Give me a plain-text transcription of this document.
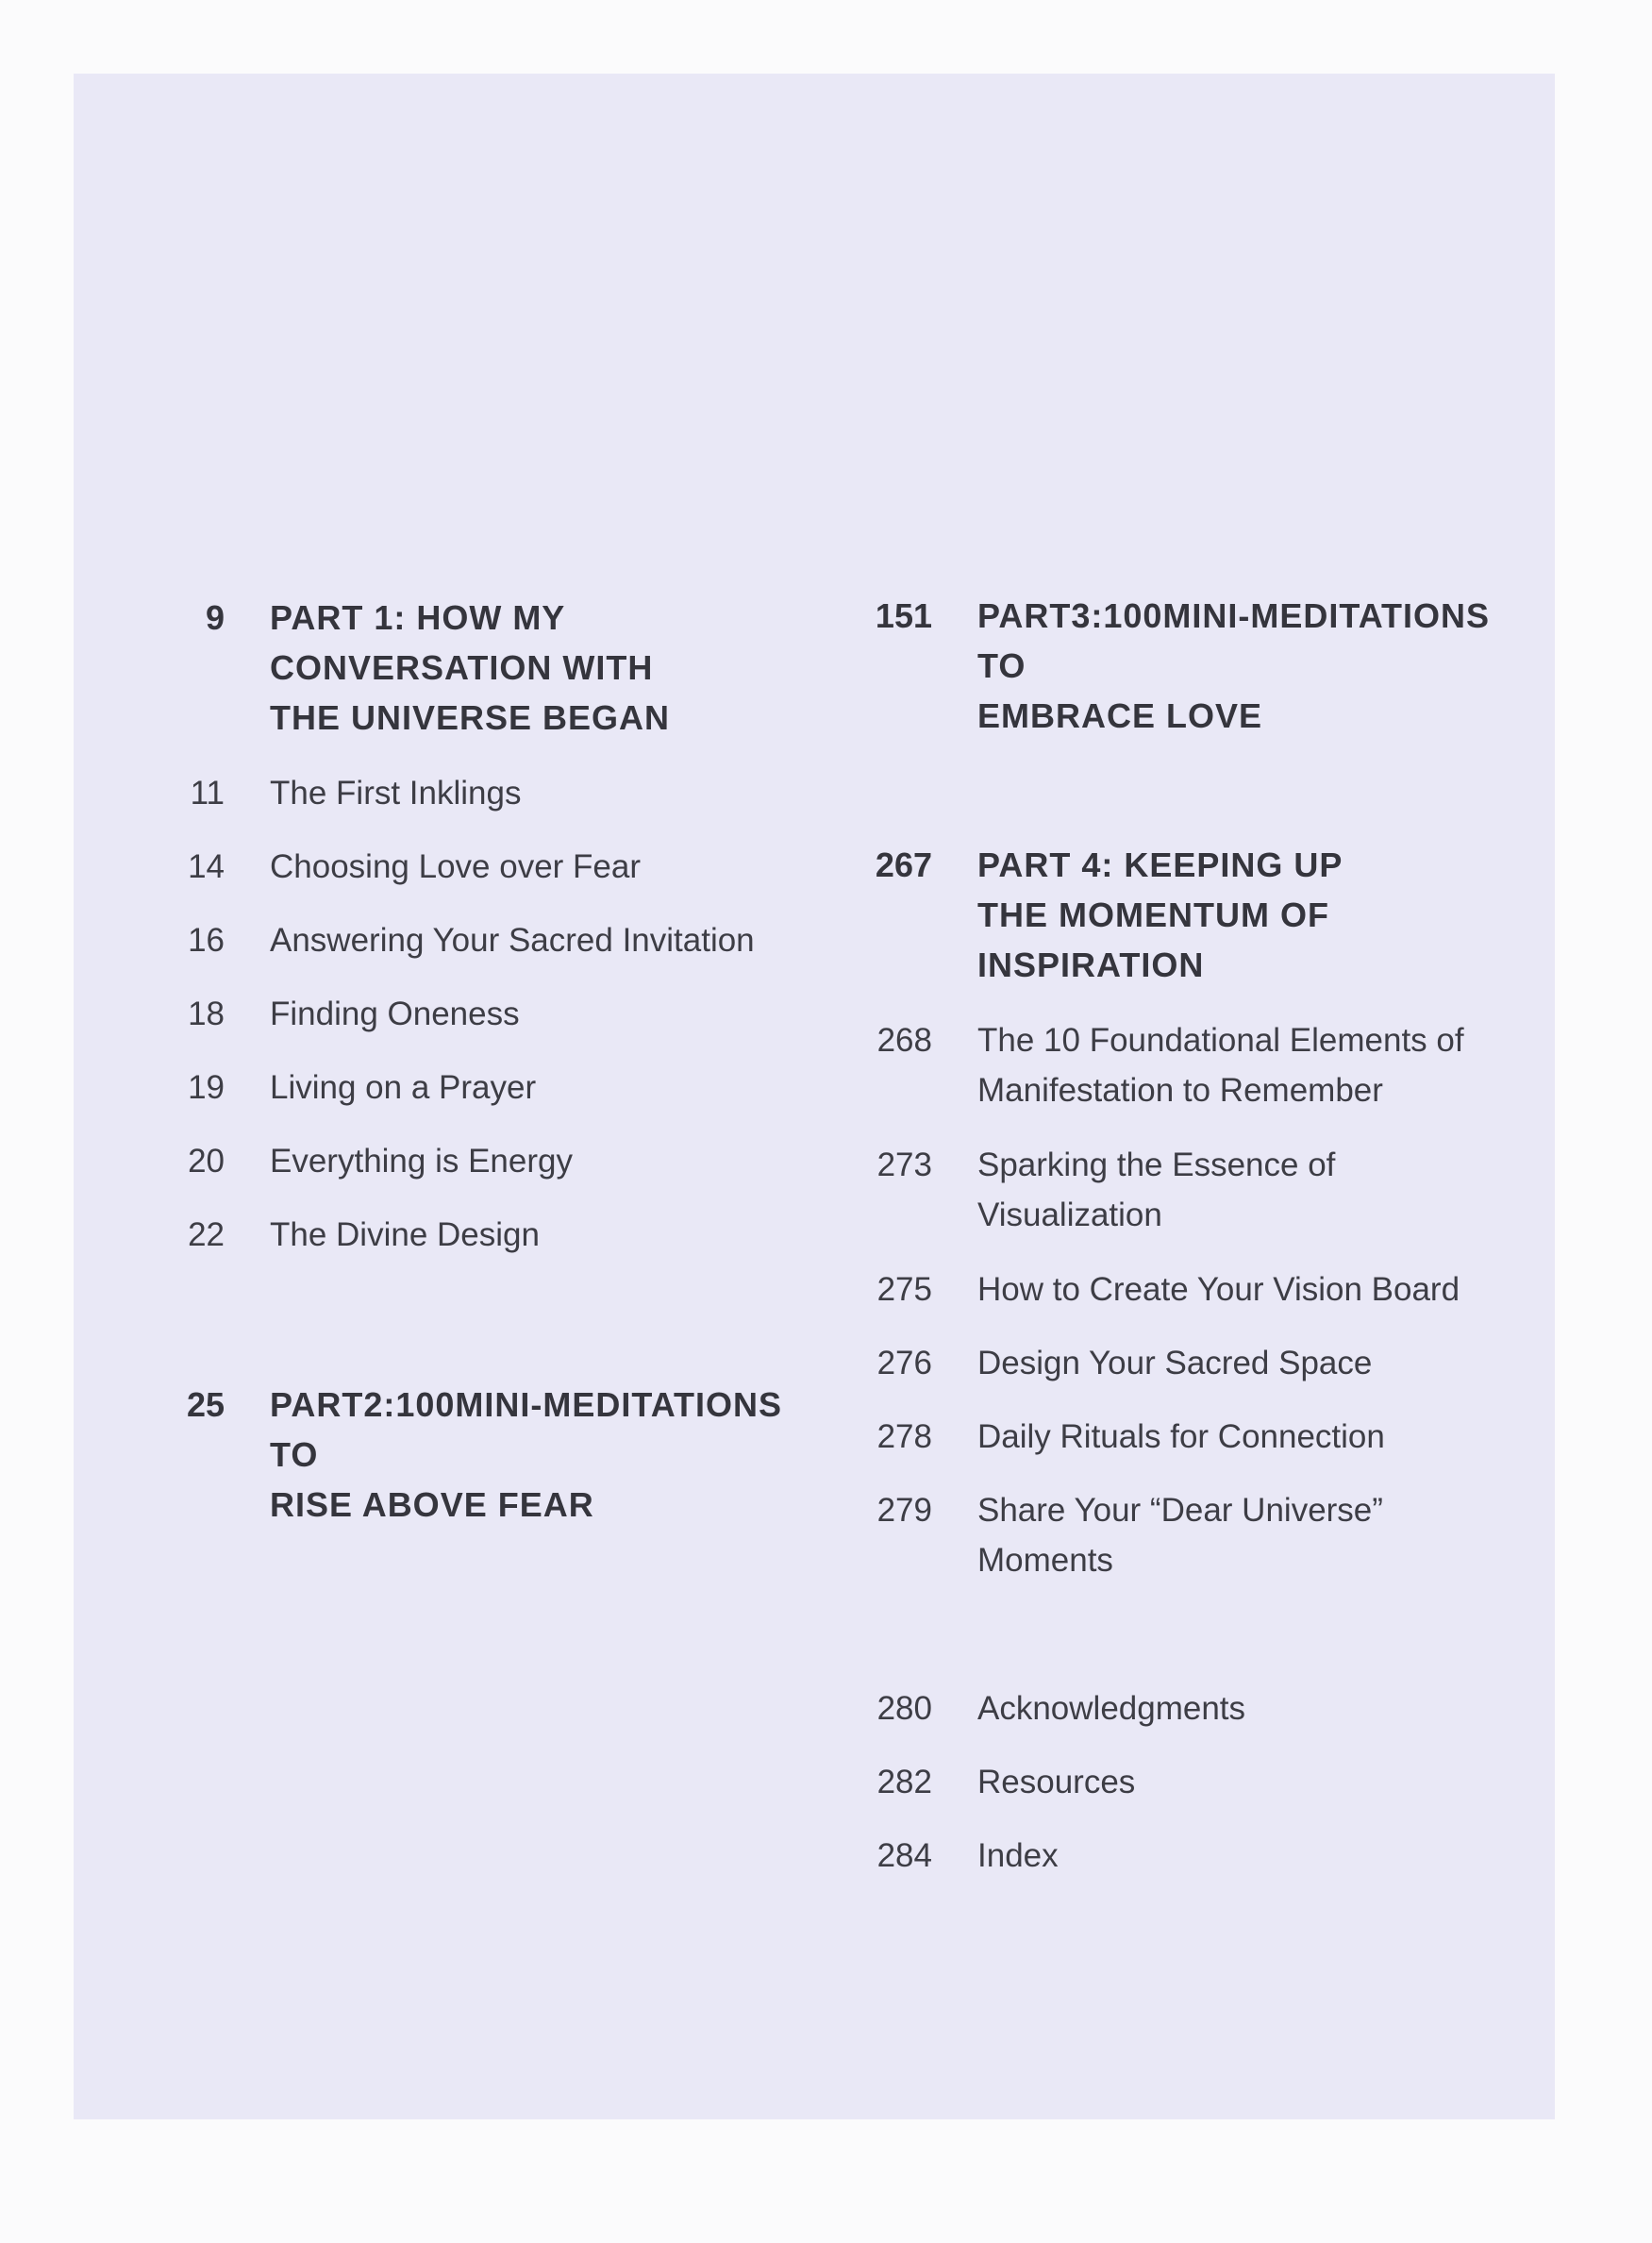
9 PART 1: HOW MY
CONVERSATION WITH
THE UNIVERSE BEGAN
11 The First Inklings
14 Choosing Love over Fear
16 Answering Your Sacred Invitation
18 Finding Oneness
19 Living on a Prayer
20 Everything is Energy
22 The Divine Design
25 PART2:100MINI-MEDITATIONS
TO
RISE ABOVE FEAR
151 PART3:100MINI-MEDITATIONS
TO
EMBRACE LOVE
267 PART 4: KEEPING UP
THE MOMENTUM OF
INSPIRATION
268 The 10 Foundational Elements of
Manifestation to Remember
273 Sparking the Essence of
Visualization
275 How to Create Your Vision Board
276 Design Your Sacred Space
278 Daily Rituals for Connection
279 Share Your “Dear Universe”
Moments
280 Acknowledgments
282 Resources
284 Index
